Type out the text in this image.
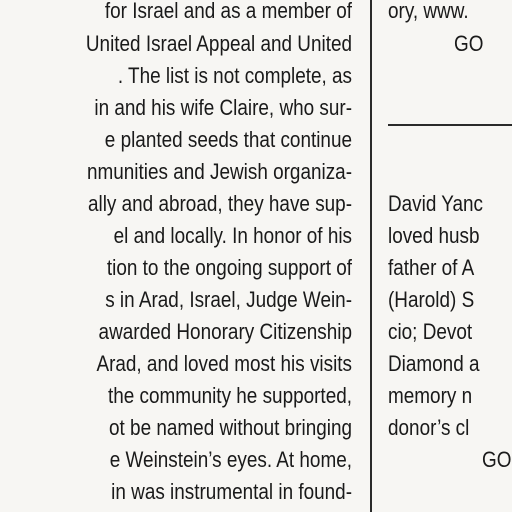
for Israel and as a member of
United Israel Appeal and United
. The list is not complete, as
in and his wife Claire, who sur-
e planted seeds that continue
nmunities and Jewish organiza-
ally and abroad, they have sup-
el and locally. In honor of his
tion to the ongoing support of
s in Arad, Israel, Judge Wein-
awarded Honorary Citizenship
Arad, and loved most his visits
the community he supported,
ot be named without bringing
e Weinstein’s eyes. At home,
in was instrumental in found-
ory, www.
GO
David Yanc
loved husb
father of A
(Harold) S
cio; Devot
Diamond a
memory n
donor’s cl
GO
